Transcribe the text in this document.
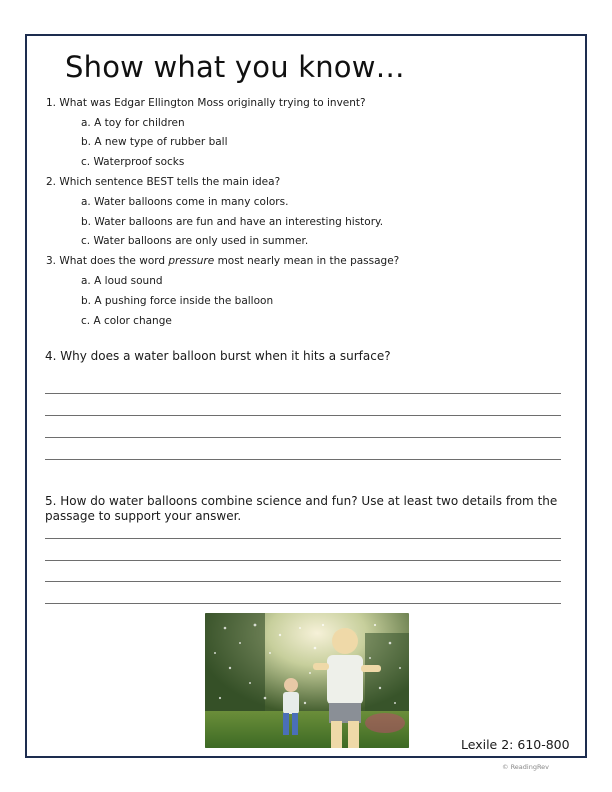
Show what you know…
1. What was Edgar Ellington Moss originally trying to invent?
a. A toy for children
b. A new type of rubber ball
c. Waterproof socks
2. Which sentence BEST tells the main idea?
a. Water balloons come in many colors.
b. Water balloons are fun and have an interesting history.
c. Water balloons are only used in summer.
3. What does the word pressure most nearly mean in the passage?
a. A loud sound
b. A pushing force inside the balloon
c. A color change
4. Why does a water balloon burst when it hits a surface?
5. How do water balloons combine science and fun? Use at least two details from the passage to support your answer.
Lexile 2: 610-800
© ReadingRev
